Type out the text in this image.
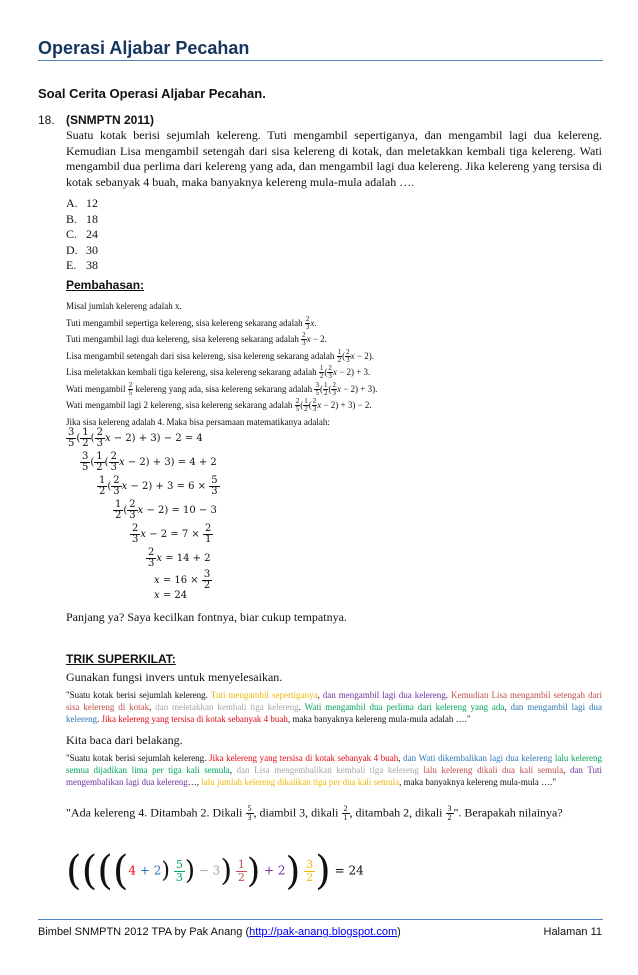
Operasi Aljabar Pecahan
Soal Cerita Operasi Aljabar Pecahan.
18. (SNMPTN 2011)
Suatu kotak berisi sejumlah kelereng. Tuti mengambil sepertiganya, dan mengambil lagi dua kelereng. Kemudian Lisa mengambil setengah dari sisa kelereng di kotak, dan meletakkan kembali tiga kelereng. Wati mengambil dua perlima dari kelereng yang ada, dan mengambil lagi dua kelereng. Jika kelereng yang tersisa di kotak sebanyak 4 buah, maka banyaknya kelereng mula-mula adalah ….
A. 12
B. 18
C. 24
D. 30
E. 38
Pembahasan:
Misal jumlah kelereng adalah x.
Tuti mengambil sepertiga kelereng, sisa kelereng sekarang adalah $\frac{2}{3} x$.
Tuti mengambil lagi dua kelereng, sisa kelereng sekarang adalah $\frac{2}{3}$ x − 2.
Lisa mengambil setengah dari sisa kelereng, sisa kelereng sekarang adalah $\frac{1}{2}$ ( $\frac{2}{3}$ x − 2).
Lisa meletakkan kembali tiga kelereng, sisa kelereng sekarang adalah $\frac{1}{2}$ ( $\frac{2}{3}$ x − 2) + 3.
Wati mengambil $\frac{2}{5}$ kelereng yang ada, sisa kelereng sekarang adalah $\frac{3}{5}$ ( $\frac{1}{2}$ ( $\frac{2}{3}$ x − 2) + 3).
Wati mengambil lagi 2 kelereng, sisa kelereng sekarang adalah $\frac{2}{5}$ ( $\frac{1}{2}$ ( $\frac{2}{3}$ x − 2) + 3) − 2.
Jika sisa kelereng adalah 4. Maka bisa persamaan matematikanya adalah:
$\frac{3}{5}$ ( $\frac{1}{2}$ ( $\frac{2}{3}$ x − 2) + 3) − 2 = 4
$\frac{3}{5}$ ( $\frac{1}{2}$ ( $\frac{2}{3}$ x − 2) + 3) = 4 + 2
$\frac{1}{2}$ ( $\frac{2}{3}$ $x - 2) + 3 = 6 \times \frac{5}{3}$
$\frac{1}{2}$ ( $\frac{2}{3}$ x − 2) = 10 − 3
$\frac{2}{3}$ $x - 2 = 7 \times \frac{2}{1}$
$\frac{2}{3}$ x = 14 + 2
$x = 16 \times \frac{3}{2}$
x = 24
Panjang ya? Saya kecilkan fontnya, biar cukup tempatnya.
TRIK SUPERKILAT:
Gunakan fungsi invers untuk menyelesaikan.
"Suatu kotak berisi sejumlah kelereng. Tuti mengambil sepertiganya, dan mengambil lagi dua kelereng. Kemudian Lisa mengambil setengah dari sisa kelereng di kotak, dan meletakkan kembali tiga kelereng. Wati mengambil dua perlima dari kelereng yang ada, dan mengambil lagi dua kelereng. Jika kelereng yang tersisa di kotak sebanyak 4 buah, maka banyaknya kelereng mula-mula adalah …."
Kita baca dari belakang.
"Suatu kotak berisi sejumlah kelereng. Jika kelereng yang tersisa di kotak sebanyak 4 buah, dan Wati dikembalikan lagi dua kelereng lalu kelereng semua dijadikan lima per tiga kali semula, dan Lisa mengembalikan kembali tiga kelereng lalu kelereng dikali dua kali semula, dan Tuti mengembalikan lagi dua kelereng…, lalu jumlah kelereng dikalikan tiga per dua kali semula, maka banyaknya kelereng mula-mula …."
"Ada kelereng 4. Ditambah 2. Dikali $\frac{5}{3}$ , diambil 3, dikali $\frac{2}{1}$ , ditambah 2, dikali $\frac{3}{2}$ ". Berapakah nilainya?
((($(4 + 2) \frac{5}{3}$ ) − $3) \frac{1}{2}$ ) + $2) \frac{3}{2}$ ) = 24
Bimbel SNMPTN 2012 TPA by Pak Anang (http://pak-anang.blogspot.com)	Halaman 11
